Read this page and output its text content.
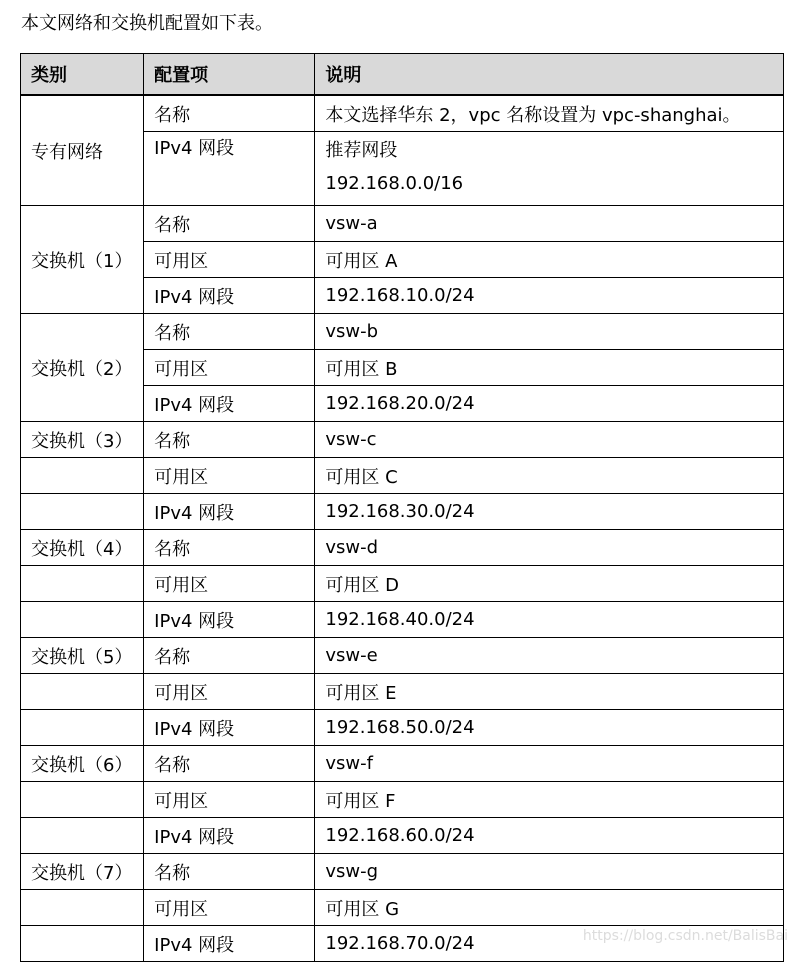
本文网络和交换机配置如下表。
类别	配置项	说明
专有网络	名称	本文选择华东 2，vpc 名称设置为 vpc-shanghai。
	IPv4 网段	推荐网段
192.168.0.0/16

交换机（1）	名称	vsw-a
	可用区	可用区 A
	IPv4 网段	192.168.10.0/24
交换机（2）	名称	vsw-b
	可用区	可用区 B
	IPv4 网段	192.168.20.0/24
交换机（3）	名称	vsw-c
	可用区	可用区 C
	IPv4 网段	192.168.30.0/24
交换机（4）	名称	vsw-d
	可用区	可用区 D
	IPv4 网段	192.168.40.0/24
交换机（5）	名称	vsw-e
	可用区	可用区 E
	IPv4 网段	192.168.50.0/24
交换机（6）	名称	vsw-f
	可用区	可用区 F
	IPv4 网段	192.168.60.0/24
交换机（7）	名称	vsw-g
	可用区	可用区 G
	IPv4 网段	192.168.70.0/24	https://blog.csdn.net/BalisBai
